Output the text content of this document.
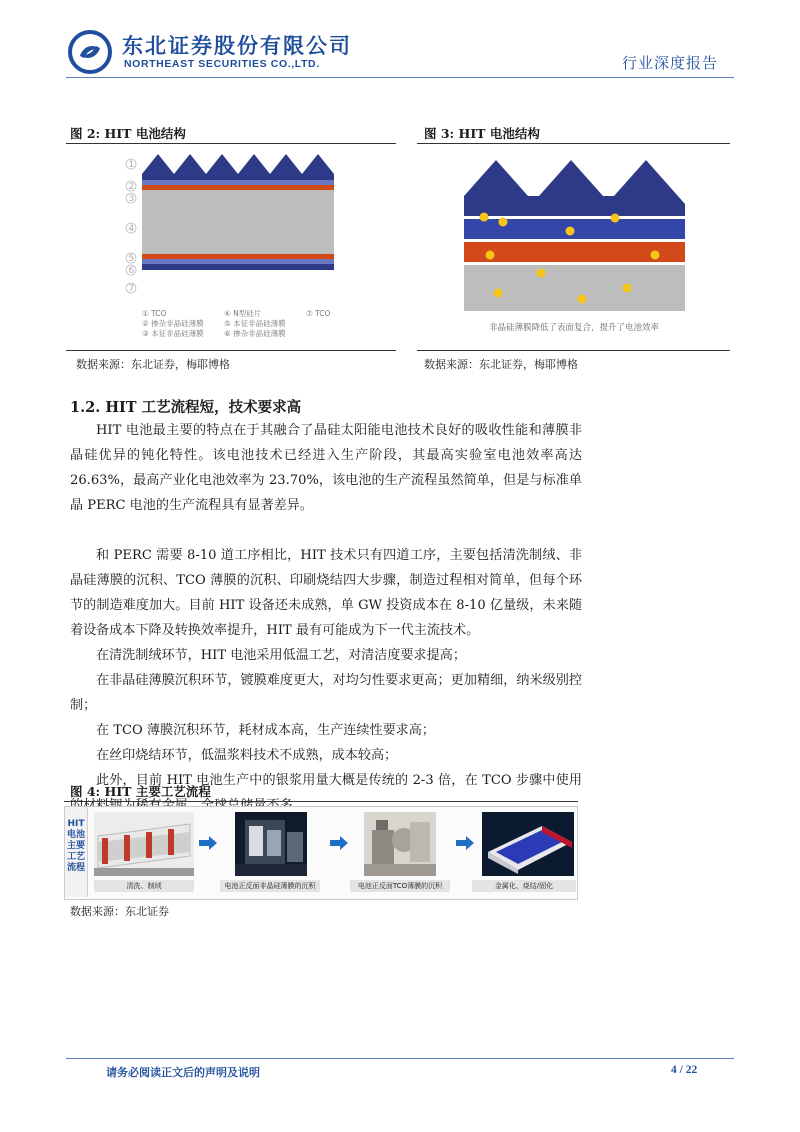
东北证券股份有限公司
NORTHEAST SECURITIES CO.,LTD.	行业深度报告
图 2: HIT 电池结构
1
2
3
4
5
6
7
① TCO
② 掺杂非晶硅薄膜
③ 本征非晶硅薄膜
④ N型硅片
⑤ 本征非晶硅薄膜
⑥ 掺杂非晶硅薄膜
⑦ TCO
数据来源：东北证券，梅耶博格
图 3: HIT 电池结构
非晶硅薄膜降低了表面复合，提升了电池效率
数据来源：东北证券，梅耶博格
1.2. HIT 工艺流程短，技术要求高

HIT 电池最主要的特点在于其融合了晶硅太阳能电池技术良好的吸收性能和薄膜非晶硅优异的钝化特性。该电池技术已经进入生产阶段，其最高实验室电池效率高达 26.63%，最高产业化电池效率为 23.70%，该电池的生产流程虽然简单，但是与标准单晶 PERC 电池的生产流程具有显著差异。

和 PERC 需要 8-10 道工序相比，HIT 技术只有四道工序，主要包括清洗制绒、非晶硅薄膜的沉积、TCO 薄膜的沉积、印刷烧结四大步骤，制造过程相对简单，但每个环节的制造难度加大。目前 HIT 设备还未成熟，单 GW 投资成本在 8-10 亿量级，未来随着设备成本下降及转换效率提升，HIT 最有可能成为下一代主流技术。

在清洗制绒环节，HIT 电池采用低温工艺，对清洁度要求提高；

在非晶硅薄膜沉积环节，镀膜难度更大，对均匀性要求更高；更加精细，纳米级别控制；

在 TCO 薄膜沉积环节，耗材成本高，生产连续性要求高；

在丝印烧结环节，低温浆料技术不成熟，成本较高；

此外，目前 HIT 电池生产中的银浆用量大概是传统的 2-3 倍，在 TCO 步骤中使用

图 4: HIT 主要工艺流程
HIT
电池
主要
工艺
流程
清洗、制绒	电池正反面非晶硅薄膜的沉积	电池正反面TCO薄膜的沉积	金属化、烧结/固化
数据来源：东北证券
请务必阅读正文后的声明及说明	4 / 22
